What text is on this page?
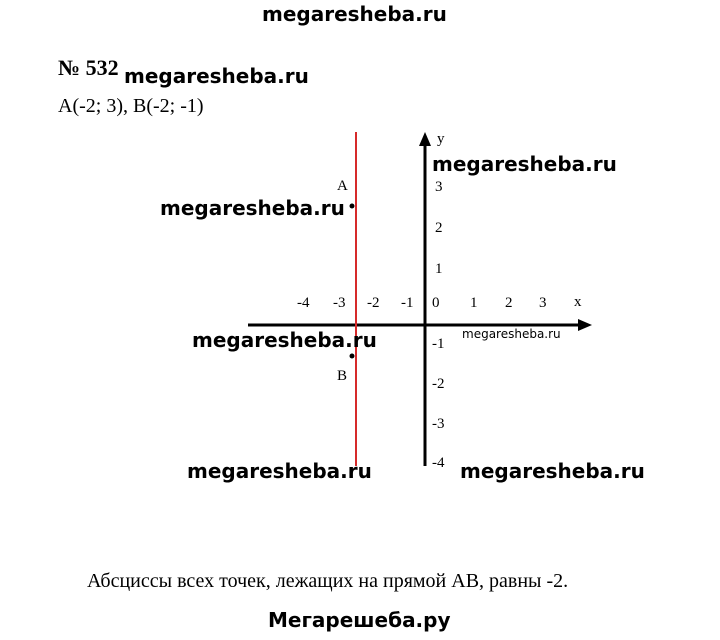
megaresheba.ru
№ 532 megaresheba.ru
A(-2; 3), B(-2; -1)
y
x
-4 -3 -2 -1 0 1 2 3
3
2
1
-1
-2
-3
-4
A
B
megaresheba.ru
megaresheba.ru
megaresheba.ru	megaresheba.ru
megaresheba.ru	megaresheba.ru
Абсциссы всех точек, лежащих на прямой AB, равны -2.
Мегарешеба.ру
